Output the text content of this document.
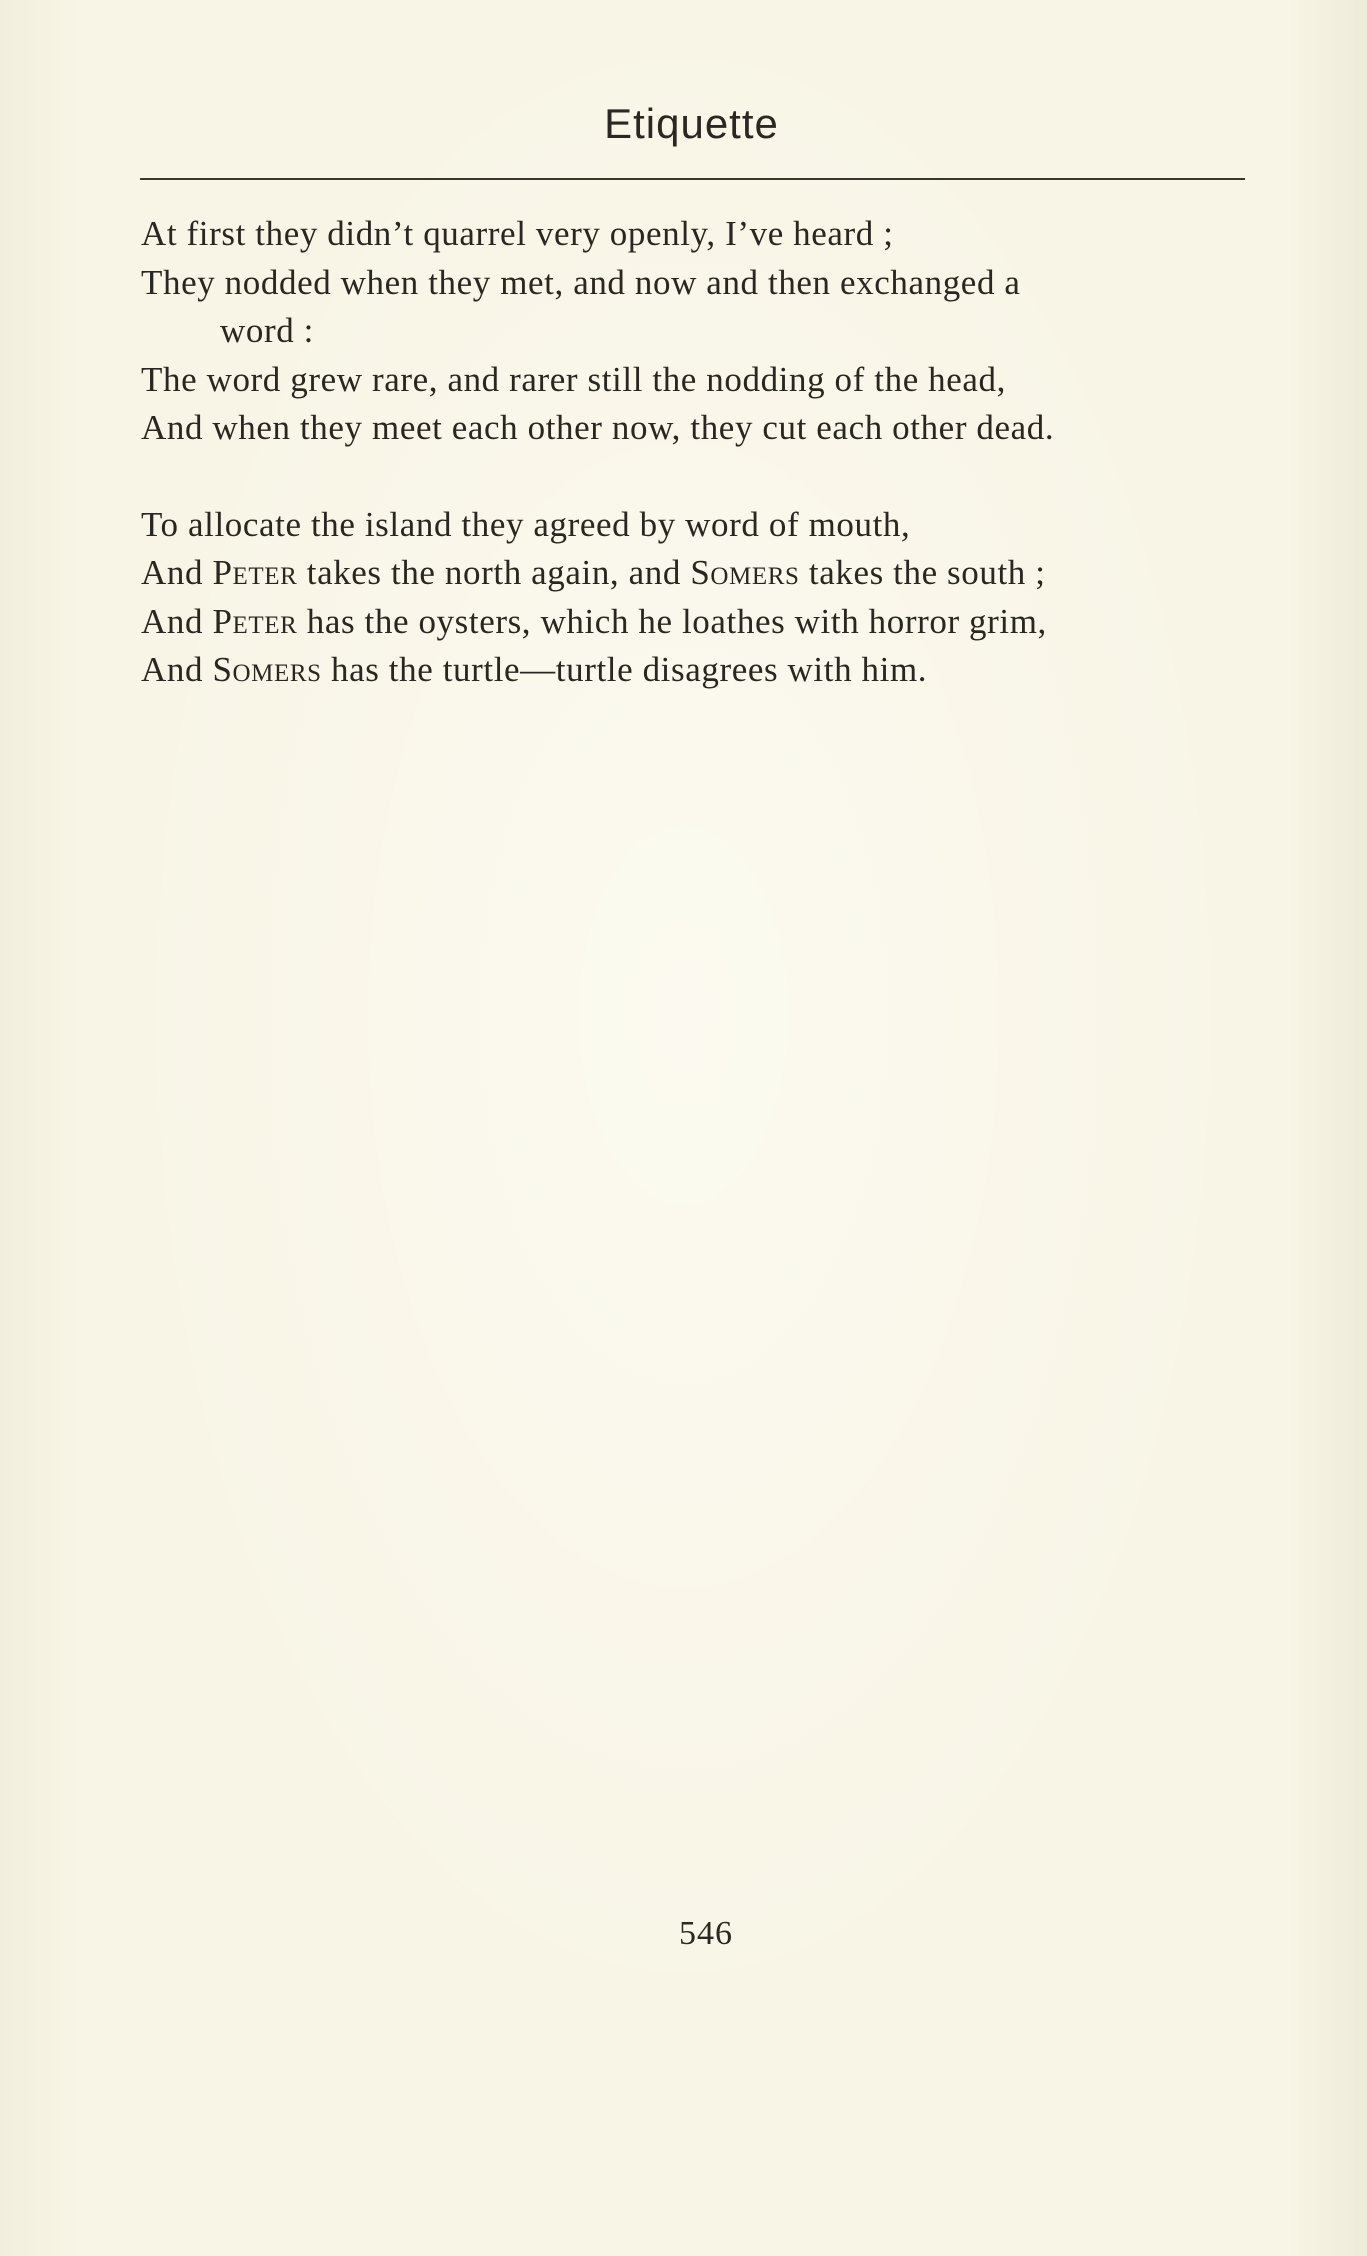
Etiquette
At first they didn’t quarrel very openly, I’ve heard ;
They nodded when they met, and now and then exchanged a
word :
The word grew rare, and rarer still the nodding of the head,
And when they meet each other now, they cut each other dead.
To allocate the island they agreed by word of mouth,
And Peter takes the north again, and Somers takes the south ;
And Peter has the oysters, which he loathes with horror grim,
And Somers has the turtle—turtle disagrees with him.
546
